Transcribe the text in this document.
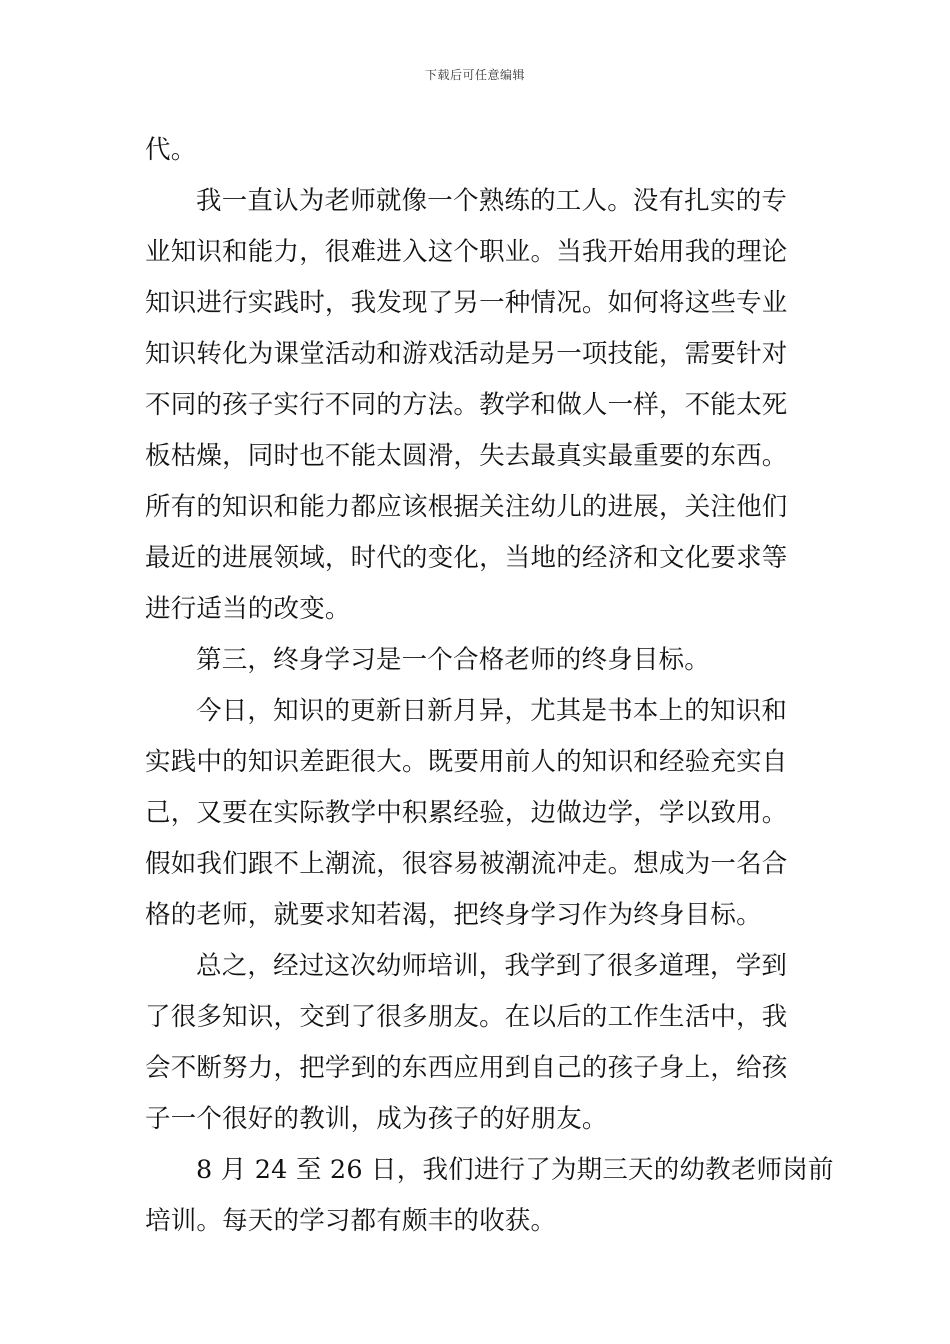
下载后可任意编辑
代。
我一直认为老师就像一个熟练的工人。没有扎实的专
业知识和能力，很难进入这个职业。当我开始用我的理论
知识进行实践时，我发现了另一种情况。如何将这些专业
知识转化为课堂活动和游戏活动是另一项技能，需要针对
不同的孩子实行不同的方法。教学和做人一样，不能太死
板枯燥，同时也不能太圆滑，失去最真实最重要的东西。
所有的知识和能力都应该根据关注幼儿的进展，关注他们
最近的进展领域，时代的变化，当地的经济和文化要求等
进行适当的改变。
第三，终身学习是一个合格老师的终身目标。
今日，知识的更新日新月异，尤其是书本上的知识和
实践中的知识差距很大。既要用前人的知识和经验充实自
己，又要在实际教学中积累经验，边做边学，学以致用。
假如我们跟不上潮流，很容易被潮流冲走。想成为一名合
格的老师，就要求知若渴，把终身学习作为终身目标。
总之，经过这次幼师培训，我学到了很多道理，学到
了很多知识，交到了很多朋友。在以后的工作生活中，我
会不断努力，把学到的东西应用到自己的孩子身上，给孩
子一个很好的教训，成为孩子的好朋友。
8 月 24 至 26 日，我们进行了为期三天的幼教老师岗前
培训。每天的学习都有颇丰的收获。
